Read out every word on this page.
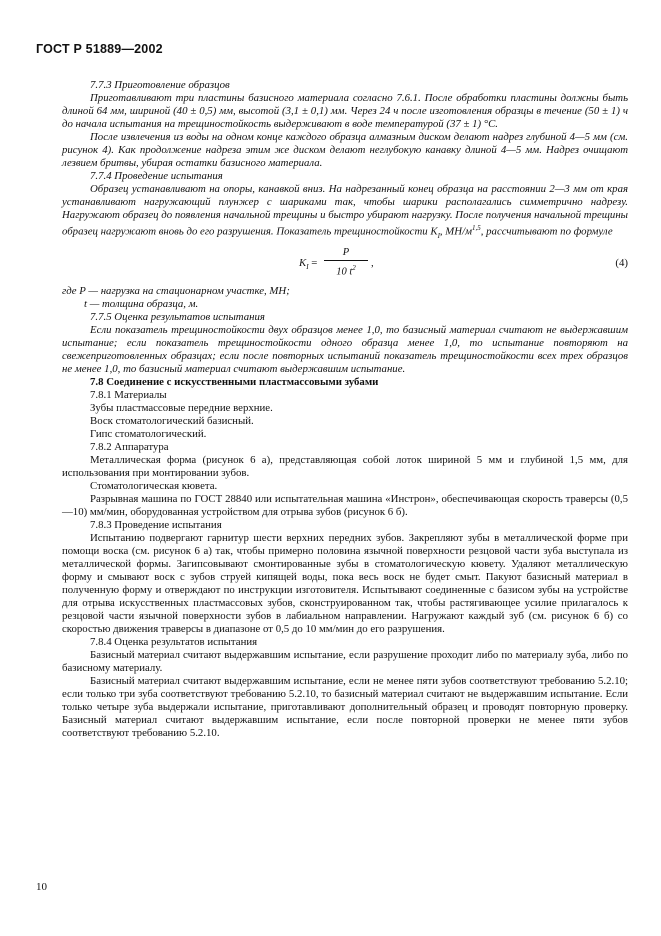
ГОСТ Р 51889—2002

7.7.3 Приготовление образцов

Приготавливают три пластины базисного материала согласно 7.6.1. После обработки пластины должны быть длиной 64 мм, шириной (40 ± 0,5) мм, высотой (3,1 ± 0,1) мм. Через 24 ч после изготовления образцы в течение (50 ± 1) ч до начала испытания на трещиностойкость выдерживают в воде температурой (37 ± 1) °С.

После извлечения из воды на одном конце каждого образца алмазным диском делают надрез глубиной 4—5 мм (см. рисунок 4). Как продолжение надреза этим же диском делают неглубокую канавку длиной 4—5 мм. Надрез очищают лезвием бритвы, убирая остатки базисного материала.

7.7.4 Проведение испытания

Образец устанавливают на опоры, канавкой вниз. На надрезанный конец образца на расстоянии 2—3 мм от края устанавливают нагружающий плунжер с шариками так, чтобы шарики располагались симметрично надрезу. Нагружают образец до появления начальной трещины и быстро убирают нагрузку. После получения начальной трещины образец нагружают вновь до его разрушения. Показатель трещиностойкости $K_I$, $МН/м^{1,5}$, рассчитывают по формуле

$K_I = \frac{P}{10 t^2}$ ,	(4)

где P — нагрузка на стационарном участке, МН;

t — толщина образца, м.

7.7.5 Оценка результатов испытания

Если показатель трещиностойкости двух образцов менее 1,0, то базисный материал считают не выдержавшим испытание; если показатель трещиностойкости одного образца менее 1,0, то испытание повторяют на свежеприготовленных образцах; если после повторных испытаний показатель трещиностойкости всех трех образцов не менее 1,0, то базисный материал считают выдержавшим испытание.

7.8 Соединение с искусственными пластмассовыми зубами

7.8.1 Материалы

Зубы пластмассовые передние верхние.

Воск стоматологический базисный.

Гипс стоматологический.

7.8.2 Аппаратура

Металлическая форма (рисунок 6 а), представляющая собой лоток шириной 5 мм и глубиной 1,5 мм, для использования при монтировании зубов.

Стоматологическая кювета.

Разрывная машина по ГОСТ 28840 или испытательная машина «Инстрон», обеспечивающая скорость траверсы (0,5—10) мм/мин, оборудованная устройством для отрыва зубов (рисунок 6 б).

7.8.3 Проведение испытания

Испытанию подвергают гарнитур шести верхних передних зубов. Закрепляют зубы в металлической форме при помощи воска (см. рисунок 6 а) так, чтобы примерно половина язычной поверхности резцовой части зуба выступала из металлической формы. Загипсовывают смонтированные зубы в стоматологическую кювету. Удаляют металлическую форму и смывают воск с зубов струей кипящей воды, пока весь воск не будет смыт. Пакуют базисный материал в полученную форму и отверждают по инструкции изготовителя. Испытывают соединенные с базисом зубы на устройстве для отрыва искусственных пластмассовых зубов, сконструированном так, чтобы растягивающее усилие прилагалось к резцовой части язычной поверхности зубов в лабиальном направлении. Нагружают каждый зуб (см. рисунок 6 б) со скоростью движения траверсы в диапазоне от 0,5 до 10 мм/мин до его разрушения.

7.8.4 Оценка результатов испытания

Базисный материал считают выдержавшим испытание, если разрушение проходит либо по материалу зуба, либо по базисному материалу.

Базисный материал считают выдержавшим испытание, если не менее пяти зубов соответствуют требованию 5.2.10; если только три зуба соответствуют требованию 5.2.10, то базисный материал считают не выдержавшим испытание. Если только четыре зуба выдержали испытание, приготавливают дополнительный образец и проводят повторную проверку. Базисный материал считают выдержавшим испытание, если после повторной проверки не менее пяти зубов соответствуют требованию 5.2.10.

10
